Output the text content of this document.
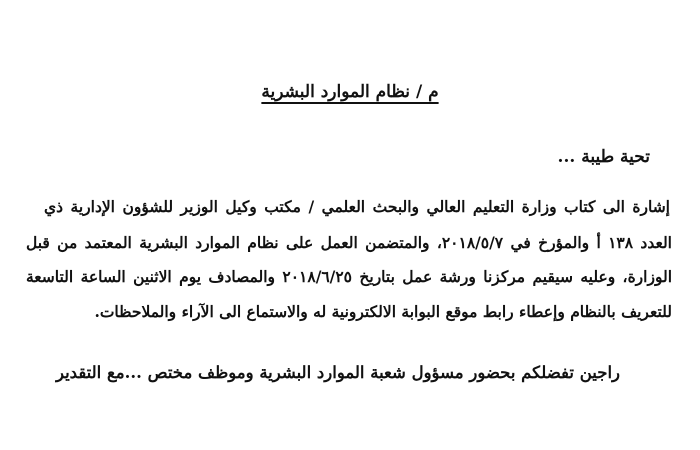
م / نظام الموارد البشرية
تحية طيبة ...
إشارة الى كتاب وزارة التعليم العالي والبحث العلمي / مكتب وكيل الوزير للشؤون الإدارية ذي
العدد ١٣٨ أ والمؤرخ في ٢٠١٨/٥/٧، والمتضمن العمل على نظام الموارد البشرية المعتمد من قبل
الوزارة، وعليه سيقيم مركزنا ورشة عمل بتاريخ ٢٠١٨/٦/٢٥ والمصادف يوم الاثنين الساعة التاسعة
للتعريف بالنظام وإعطاء رابط موقع البوابة الالكترونية له والاستماع الى الآراء والملاحظات.
راجين تفضلكم بحضور مسؤول شعبة الموارد البشرية وموظف مختص ...مع التقدير
